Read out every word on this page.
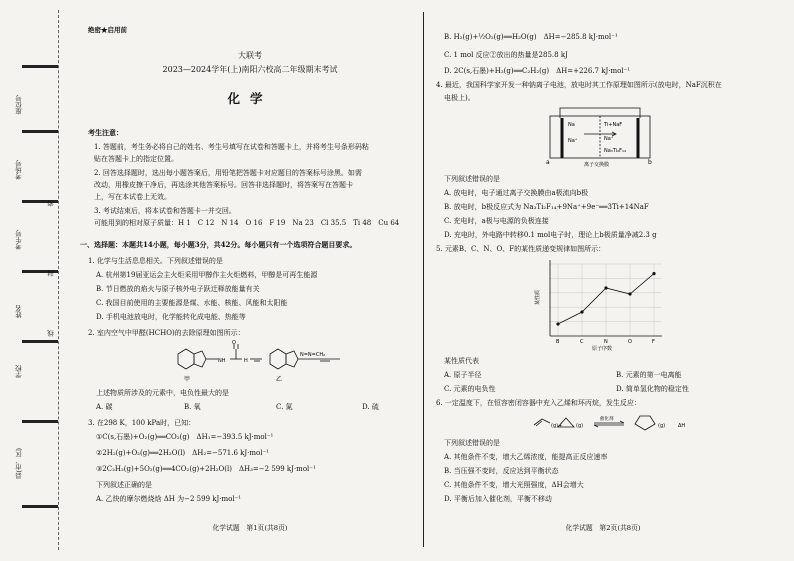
县(市、区)
学校
姓名
考生号
考场号
座位号
密
封
线
绝密★启用前
大联考
2023—2024学年(上)南阳六校高二年级期末考试
化学
考生注意：
1. 答题前，考生务必将自己的姓名、考生号填写在试卷和答题卡上，并将考生号条形码粘
贴在答题卡上的指定位置。
2. 回答选择题时，选出每小题答案后，用铅笔把答题卡对应题目的答案标号涂黑。如需
改动，用橡皮擦干净后，再选涂其他答案标号。回答非选择题时，将答案写在答题卡
上，写在本试卷上无效。
3. 考试结束后，将本试卷和答题卡一并交回。
可能用到的相对原子质量：H 1　C 12　N 14　O 16　F 19　Na 23　Cl 35.5　Ti 48　Cu 64
一、选择题：本题共14小题，每小题3分，共42分。每小题只有一个选项符合题目要求。
1. 化学与生活息息相关。下列叙述错误的是
A. 杭州第19届亚运会主火炬采用甲醇作主火炬燃料，甲醇是可再生能源
B. 节日燃放的焰火与原子核外电子跃迁释放能量有关
C. 我国目前使用的主要能源是煤、水能、核能、风能和太阳能
D. 手机电池放电时，化学能转化成电能、热能等
2. 室内空气中甲醛(HCHO)的去除原理如图所示：
NH	H
O
N=N=CH₂
甲	乙
上述物质所涉及的元素中，电负性最大的是
A. 碳	B. 氧	C. 氮	D. 硫
3. 在298 K，100 kPa时，已知：
①C(s,石墨)+O₂(g)══CO₂(g)　ΔH₁=−393.5 kJ·mol⁻¹
②2H₂(g)+O₂(g)══2H₂O(l)　ΔH₂=−571.6 kJ·mol⁻¹
③2C₂H₂(g)+5O₂(g)══4CO₂(g)+2H₂O(l)　ΔH₃=−2 599 kJ·mol⁻¹
下列叙述正确的是
A. 乙炔的摩尔燃烧焓 ΔH 为−2 599 kJ·mol⁻¹
化学试题　第1页(共8页)
B. H₂(g)+½O₂(g)══H₂O(g)　ΔH=−285.8 kJ·mol⁻¹
C. 1 mol 反应②放出的热量是285.8 kJ
D. 2C(s,石墨)+H₂(g)══C₂H₂(g)　ΔH=+226.7 kJ·mol⁻¹
4. 最近，我国科学家开发一种钠离子电池，放电时其工作原理如图所示(放电时，NaF沉积在
电极上)。
Na
Na⁺
Ti+NaF
Na⁺
Na₃Ti₂F₁₄
a	b
离子交换膜
下列叙述错误的是
A. 放电时，电子通过离子交换膜由a极流向b极
B. 放电时，b极反应式为 Na₃Ti₂F₁₄+9Na⁺+9e⁻══3Ti+14NaF
C. 充电时，a极与电源的负极连接
D. 充电时，外电路中转移0.1 mol电子时，理论上b极质量净减2.3 g
5. 元素B、C、N、O、F的某性质递变规律如图所示：
B	C	N	O	F
某性质
原子序数
某性质代表
A. 原子半径	B. 元素的第一电离能
C. 元素的电负性	D. 简单氢化物的稳定性
6. 一定温度下，在恒容密闭容器中充入乙烯和环丙烷，发生反应：
(g)+	(g)
催化剂
(g)	ΔH
下列叙述错误的是
A. 其他条件不变，增大乙烯浓度，能提高正反应速率
B. 当压强不变时，反应达到平衡状态
C. 其他条件不变，增大光照强度，ΔH会增大
D. 平衡后加入催化剂，平衡不移动
化学试题　第2页(共8页)
